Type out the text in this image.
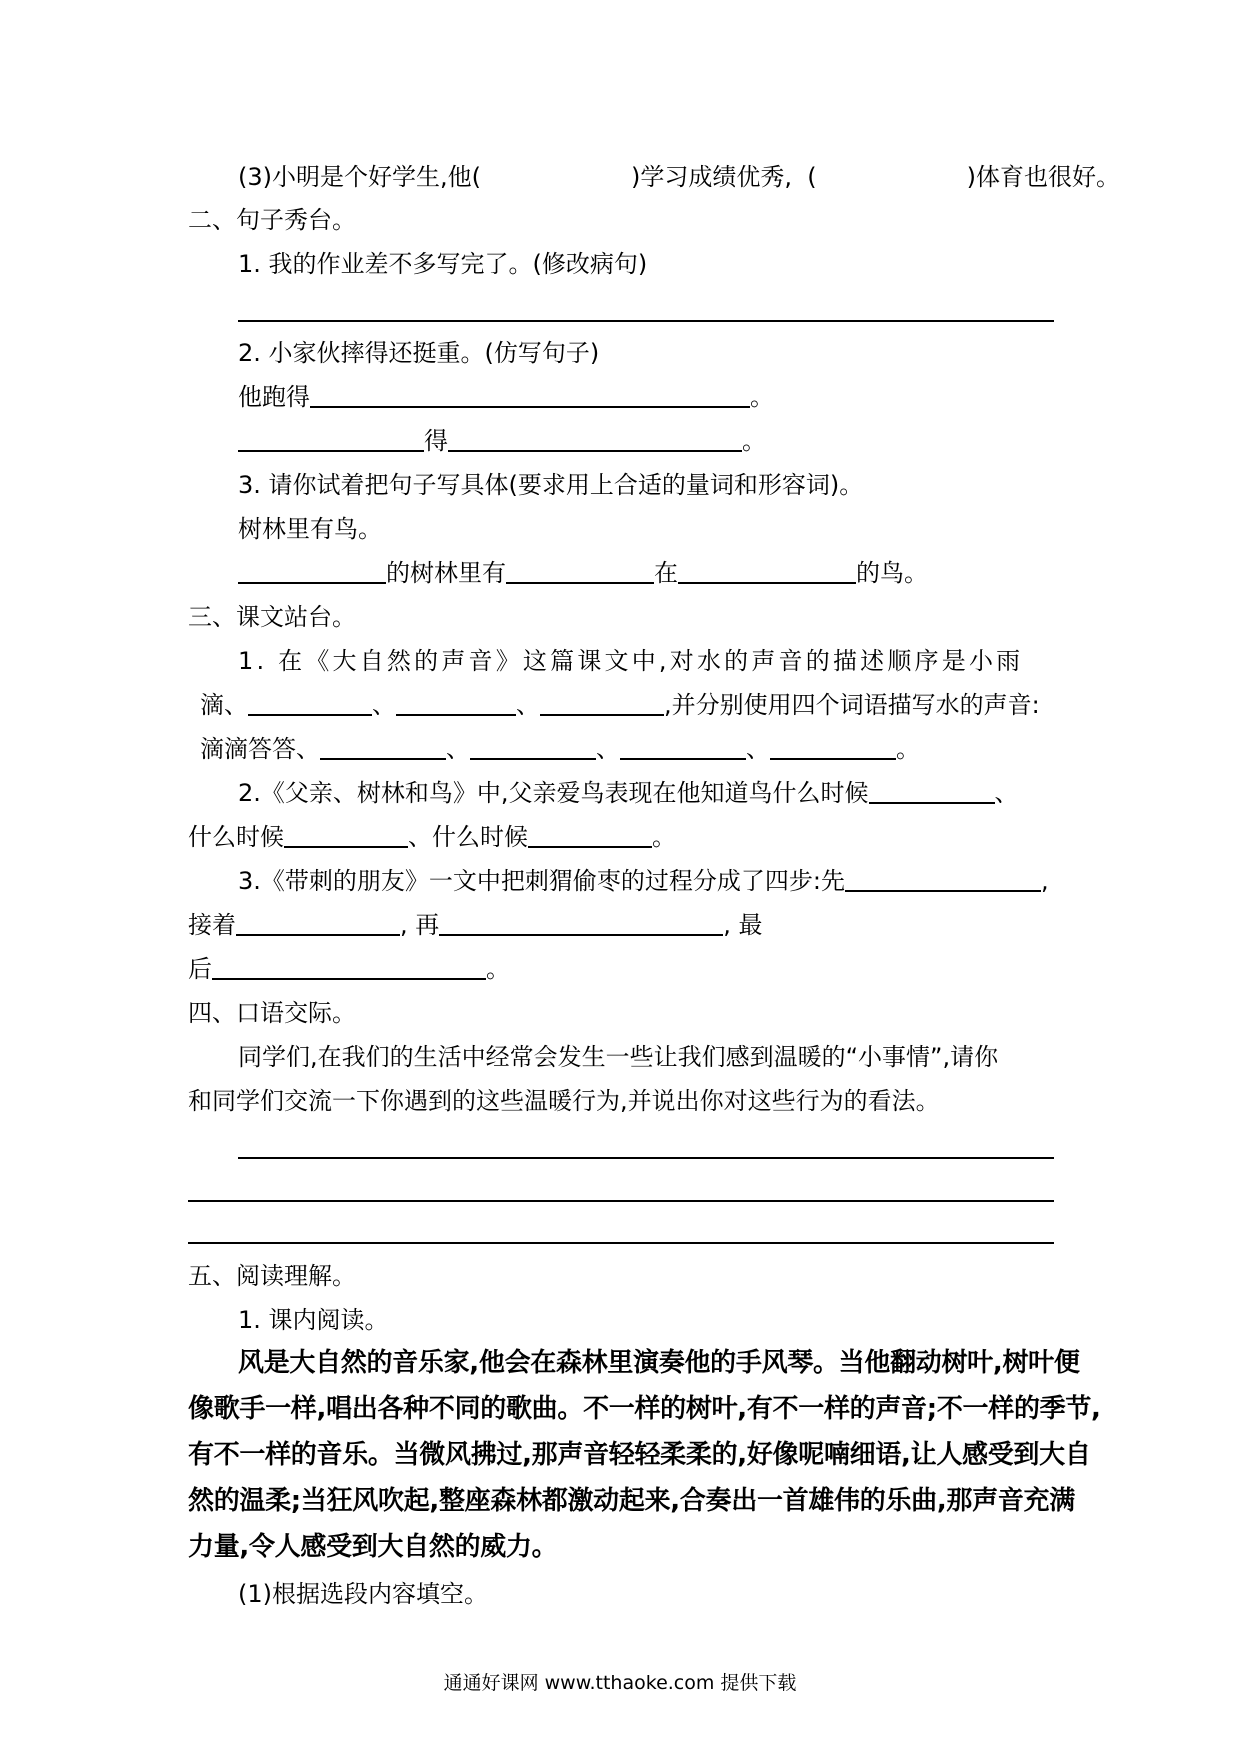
(3)小明是个好学生,他(	)学习成绩优秀, (	)体育也很好。
二、句子秀台。
1. 我的作业差不多写完了。(修改病句)
2. 小家伙摔得还挺重。(仿写句子)
他跑得	。
得	。
3. 请你试着把句子写具体(要求用上合适的量词和形容词)。
树林里有鸟。
的树林里有	在	的鸟。
三、课文站台。
1. 在《大自然的声音》这篇课文中,对水的声音的描述顺序是小雨
滴、	、	、	,并分别使用四个词语描写水的声音:
滴滴答答、	、	、	、	。
2.《父亲、树林和鸟》中,父亲爱鸟表现在他知道鸟什么时候	、
什么时候	、什么时候	。
3.《带刺的朋友》一文中把刺猬偷枣的过程分成了四步:先	,
接着	, 再	, 最
后	。
四、口语交际。
同学们,在我们的生活中经常会发生一些让我们感到温暖的“小事情”,请你
和同学们交流一下你遇到的这些温暖行为,并说出你对这些行为的看法。
五、阅读理解。
1. 课内阅读。
风是大自然的音乐家,他会在森林里演奏他的手风琴。当他翻动树叶,树叶便
像歌手一样,唱出各种不同的歌曲。不一样的树叶,有不一样的声音;不一样的季节,
有不一样的音乐。当微风拂过,那声音轻轻柔柔的,好像呢喃细语,让人感受到大自
然的温柔;当狂风吹起,整座森林都激动起来,合奏出一首雄伟的乐曲,那声音充满
力量,令人感受到大自然的威力。
(1)根据选段内容填空。
通通好课网 www.tthaoke.com 提供下载
